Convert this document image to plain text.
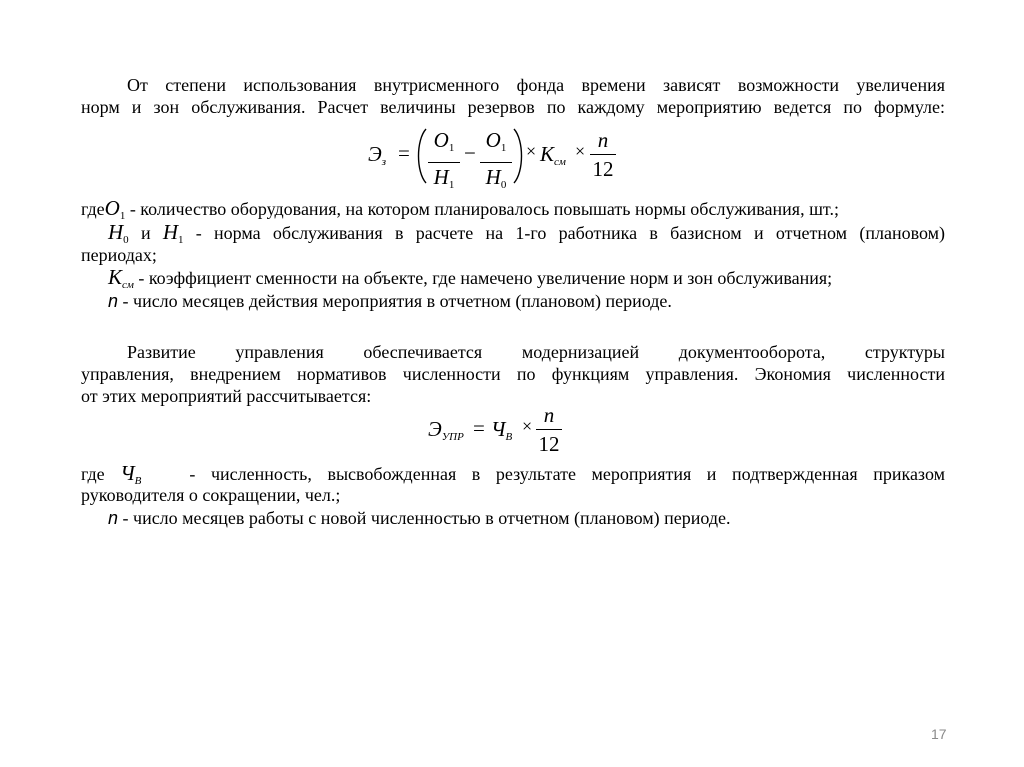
От степени использования внутрисменного фонда времени зависят возможности увеличения
норм и зон обслуживания. Расчет величины резервов по каждому мероприятию ведется по формуле:
$Э_з$ =
О1
Н1
−
О1
Н0
× $К_{см}$
× n
12
гдеО$_1$ - количество оборудования, на котором планировалось повышать нормы обслуживания, шт.;
$Н_0$ и $Н_1$ - норма обслуживания в расчете на 1-го работника в базисном и отчетном (плановом)
периодах;
$К_{см}$ - коэффициент сменности на объекте, где намечено увеличение норм и зон обслуживания;
n - число месяцев действия мероприятия в отчетном (плановом) периоде.
Развитие управления обеспечивается модернизацией документооборота, структуры
управления, внедрением нормативов численности по функциям управления. Экономия численности
от этих мероприятий рассчитывается:
$Э_{УПР} = Ч_В$
× n
12
где $Ч_В$	- численность, высвобожденная в результате мероприятия и подтвержденная приказом
руководителя о сокращении, чел.;
n - число месяцев работы с новой численностью в отчетном (плановом) периоде.
17
